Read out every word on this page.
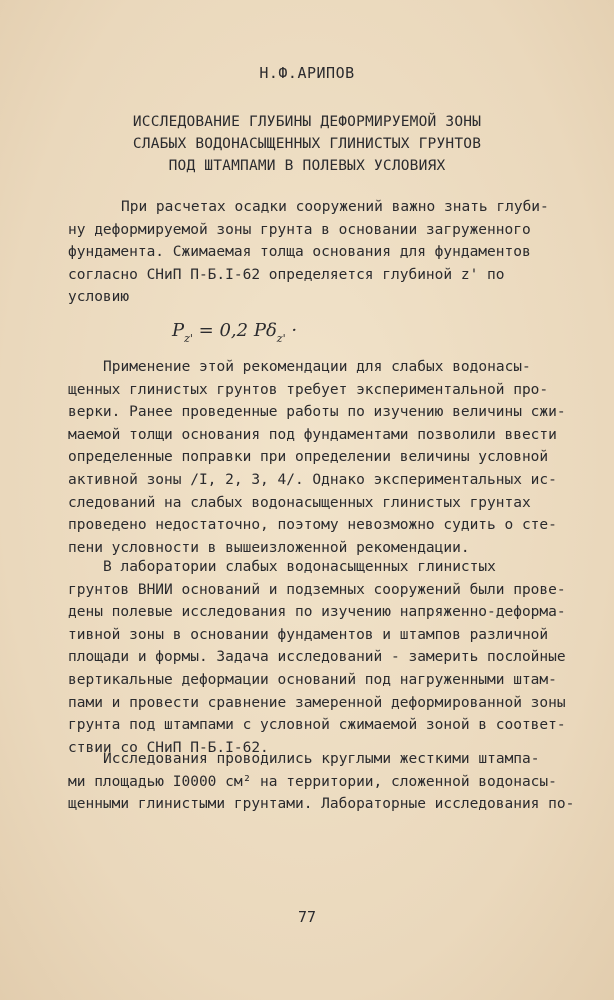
Н.Ф.АРИПОВ
ИССЛЕДОВАНИЕ ГЛУБИНЫ ДЕФОРМИРУЕМОЙ ЗОНЫ
СЛАБЫХ ВОДОНАСЫЩЕННЫХ ГЛИНИСТЫХ ГРУНТОВ
ПОД ШТАМПАМИ В ПОЛЕВЫХ УСЛОВИЯХ
При расчетах осадки сооружений важно знать глуби-
ну деформируемой зоны грунта в основании загруженного
фундамента. Сжимаемая толща основания для фундаментов
согласно СНиП П-Б.I-62 определяется глубиной z' по
условию
$P_{z'} = 0,2$ $P\delta_{z'}$ ·
Применение этой рекомендации для слабых водонасы-
щенных глинистых грунтов требует экспериментальной про-
верки. Ранее проведенные работы по изучению величины сжи-
маемой толщи основания под фундаментами позволили ввести
определенные поправки при определении величины условной
активной зоны /I, 2, 3, 4/. Однако экспериментальных ис-
следований на слабых водонасыщенных глинистых грунтах
проведено недостаточно, поэтому невозможно судить о сте-
пени условности в вышеизложенной рекомендации.
В лаборатории слабых водонасыщенных глинистых
грунтов ВНИИ оснований и подземных сооружений были прове-
дены полевые исследования по изучению напряженно-деформа-
тивной зоны в основании фундаментов и штампов различной
площади и формы. Задача исследований - замерить послойные
вертикальные деформации оснований под нагруженными штам-
пами и провести сравнение замеренной деформированной зоны
грунта под штампами с условной сжимаемой зоной в соответ-
ствии со СНиП П-Б.I-62.
Исследования проводились круглыми жесткими штампа-
ми площадью I0000 см² на территории, сложенной водонасы-
щенными глинистыми грунтами. Лабораторные исследования по-
77
